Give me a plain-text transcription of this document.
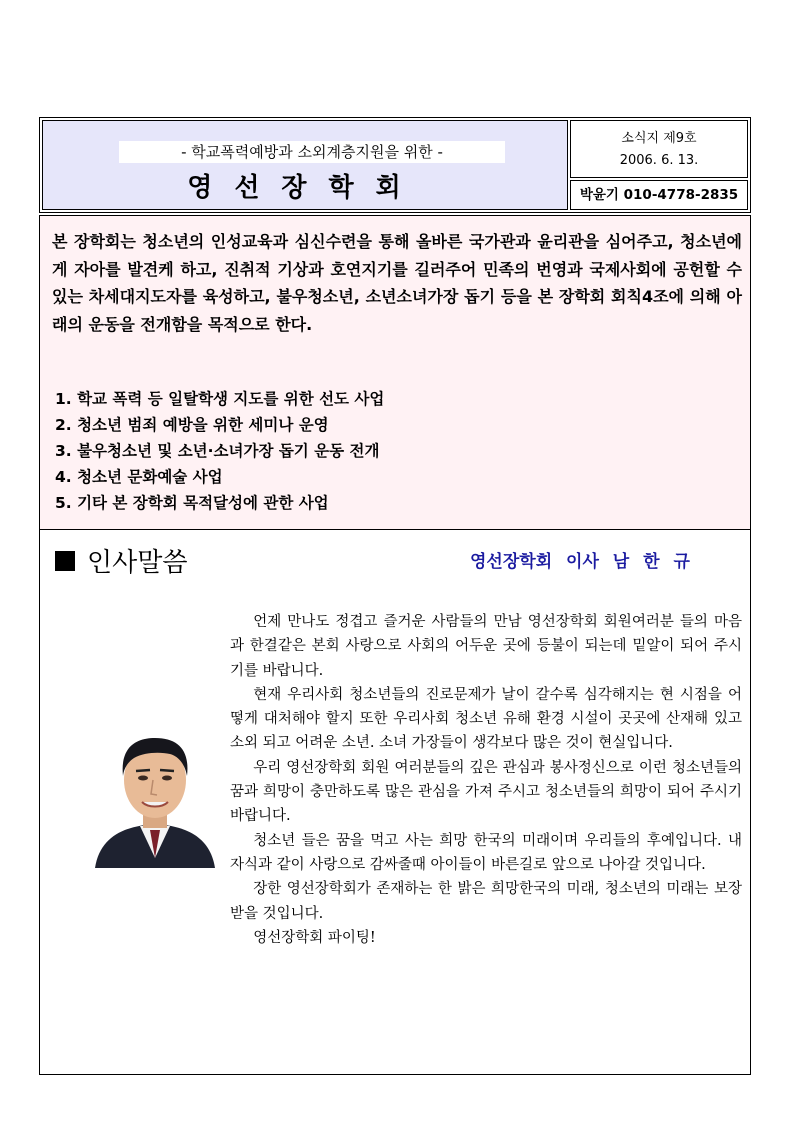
- 학교폭력예방과 소외계층지원을 위한 -
영선장학회
소식지 제9호
2006. 6. 13.
박윤기 010-4778-2835
본 장학회는 청소년의 인성교육과 심신수련을 통해 올바른 국가관과 윤리관을 심어주고, 청소년에게 자아를 발견케 하고, 진취적 기상과 호연지기를 길러주어 민족의 번영과 국제사회에 공헌할 수 있는 차세대지도자를 육성하고, 불우청소년, 소년소녀가장 돕기 등을 본 장학회 회칙4조에 의해 아래의 운동을 전개함을 목적으로 한다.
1. 학교 폭력 등 일탈학생 지도를 위한 선도 사업
2. 청소년 범죄 예방을 위한 세미나 운영
3. 불우청소년 및 소년·소녀가장 돕기 운동 전개
4. 청소년 문화예술 사업
5. 기타 본 장학회 목적달성에 관한 사업
인사말씀	영선장학회 이사 남 한 규

언제 만나도 정겹고 즐거운 사람들의 만남 영선장학회 회원여러분 들의 마음과 한결같은 본회 사랑으로 사회의 어두운 곳에 등불이 되는데 밑알이 되어 주시기를 바랍니다.

현재 우리사회 청소년들의 진로문제가 날이 갈수록 심각해지는 현 시점을 어떻게 대처해야 할지 또한 우리사회 청소년 유해 환경 시설이 곳곳에 산재해 있고 소외 되고 어려운 소년. 소녀 가장들이 생각보다 많은 것이 현실입니다.

우리 영선장학회 회원 여러분들의 깊은 관심과 봉사정신으로 이런 청소년들의 꿈과 희망이 충만하도록 많은 관심을 가져 주시고 청소년들의 희망이 되어 주시기 바랍니다.

청소년 들은 꿈을 먹고 사는 희망 한국의 미래이며 우리들의 후예입니다. 내 자식과 같이 사랑으로 감싸줄때 아이들이 바른길로 앞으로 나아갈 것입니다.

장한 영선장학회가 존재하는 한 밝은 희망한국의 미래, 청소년의 미래는 보장받을 것입니다.

영선장학회 파이팅!
